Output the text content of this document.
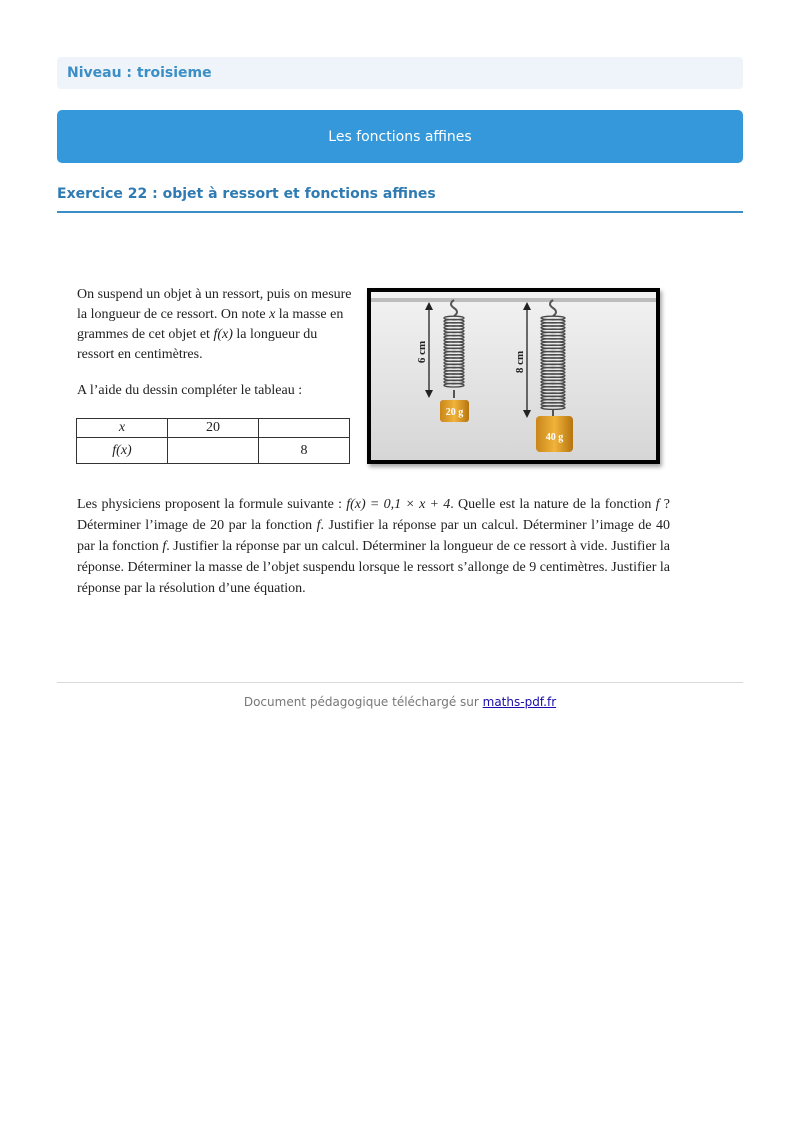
Niveau : troisieme
Les fonctions affines
Exercice 22 : objet à ressort et fonctions affines
On suspend un objet à un ressort, puis on mesure la longueur de ce ressort. On note x la masse en grammes de cet objet et f(x) la longueur du ressort en centimètres.
A l’aide du dessin compléter le tableau :
x	20	
f(x)		8
6 cm
20 g
8 cm
40 g
Les physiciens proposent la formule suivante : f(x) = 0,1 × x + 4. Quelle est la nature de la fonction f ? Déterminer l’image de 20 par la fonction f. Justifier la réponse par un calcul. Déterminer l’image de 40 par la fonction f. Justifier la réponse par un calcul. Déterminer la longueur de ce ressort à vide. Justifier la réponse. Déterminer la masse de l’objet suspendu lorsque le ressort s’allonge de 9 centimètres. Justifier la réponse par la résolution d’une équation.
Document pédagogique téléchargé sur maths-pdf.fr
